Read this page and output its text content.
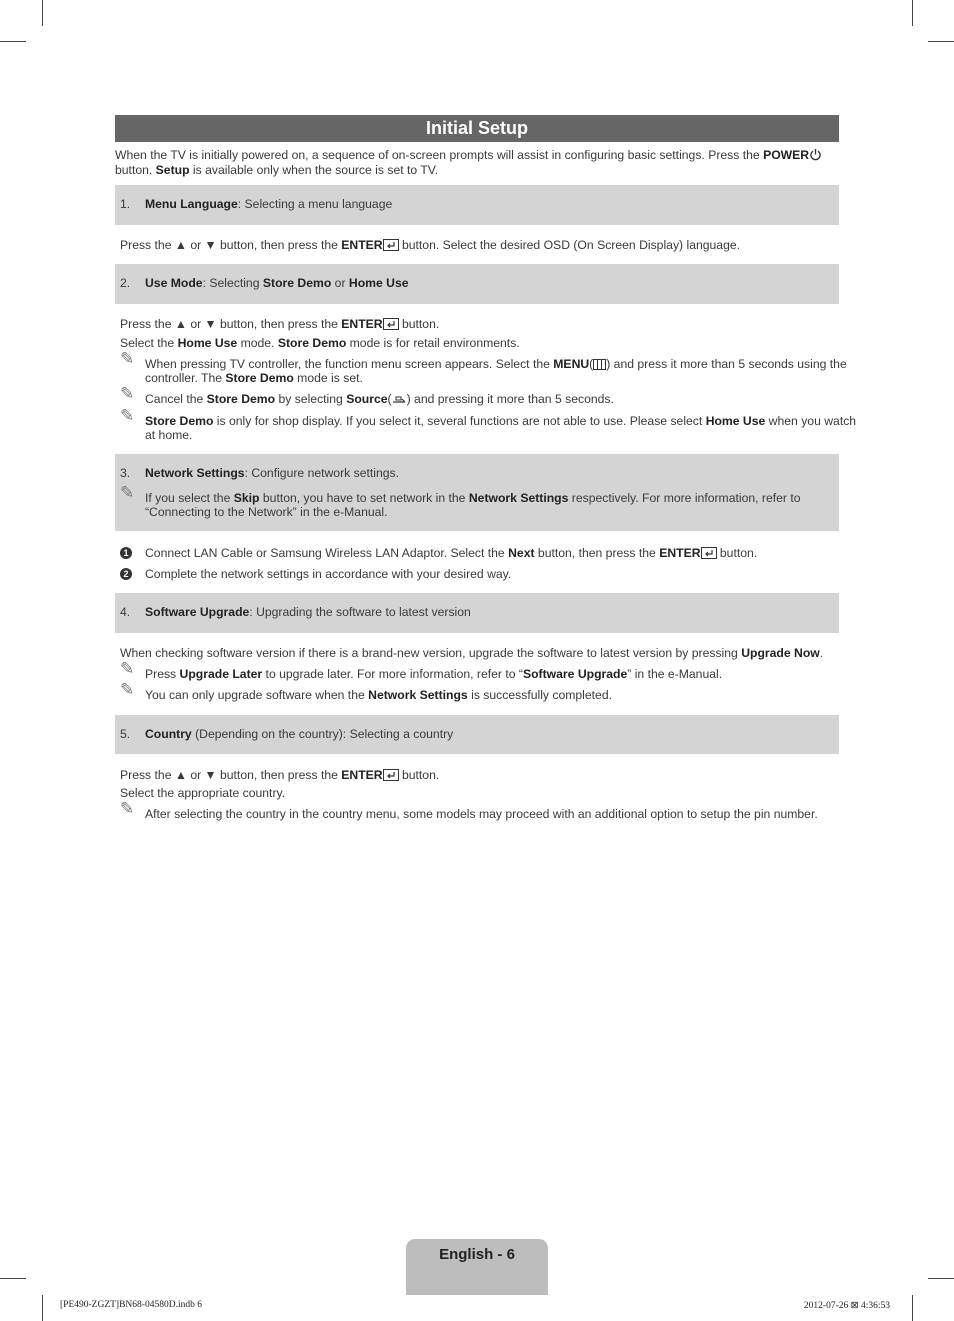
Initial Setup

When the TV is initially powered on, a sequence of on-screen prompts will assist in configuring basic settings. Press the POWER
button. Setup is available only when the source is set to TV.

1. Menu Language: Selecting a menu language

Press the ▲ or ▼ button, then press the ENTER button. Select the desired OSD (On Screen Display) language.

2. Use Mode: Selecting Store Demo or Home Use

Press the ▲ or ▼ button, then press the ENTER button.

Select the Home Use mode. Store Demo mode is for retail environments.

✎ When pressing TV controller, the function menu screen appears. Select the MENU( ) and press it more than 5 seconds using the controller. The Store Demo mode is set.

✎ Cancel the Store Demo by selecting Source( ) and pressing it more than 5 seconds.

✎ Store Demo is only for shop display. If you select it, several functions are not able to use. Please select Home Use when you watch at home.

3. Network Settings: Configure network settings.

✎ If you select the Skip button, you have to set network in the Network Settings respectively. For more information, refer to “Connecting to the Network” in the e-Manual.

1 Connect LAN Cable or Samsung Wireless LAN Adaptor. Select the Next button, then press the ENTER button.

2 Complete the network settings in accordance with your desired way.

4. Software Upgrade: Upgrading the software to latest version

When checking software version if there is a brand-new version, upgrade the software to latest version by pressing Upgrade Now.

✎ Press Upgrade Later to upgrade later. For more information, refer to “Software Upgrade” in the e-Manual.

✎ You can only upgrade software when the Network Settings is successfully completed.

5. Country (Depending on the country): Selecting a country

Press the ▲ or ▼ button, then press the ENTER button.

Select the appropriate country.

✎ After selecting the country in the country menu, some models may proceed with an additional option to setup the pin number.

English - 6
[PE490-ZGZT]BN68-04580D.indb 6	2012-07-26 ⊠ 4:36:53
